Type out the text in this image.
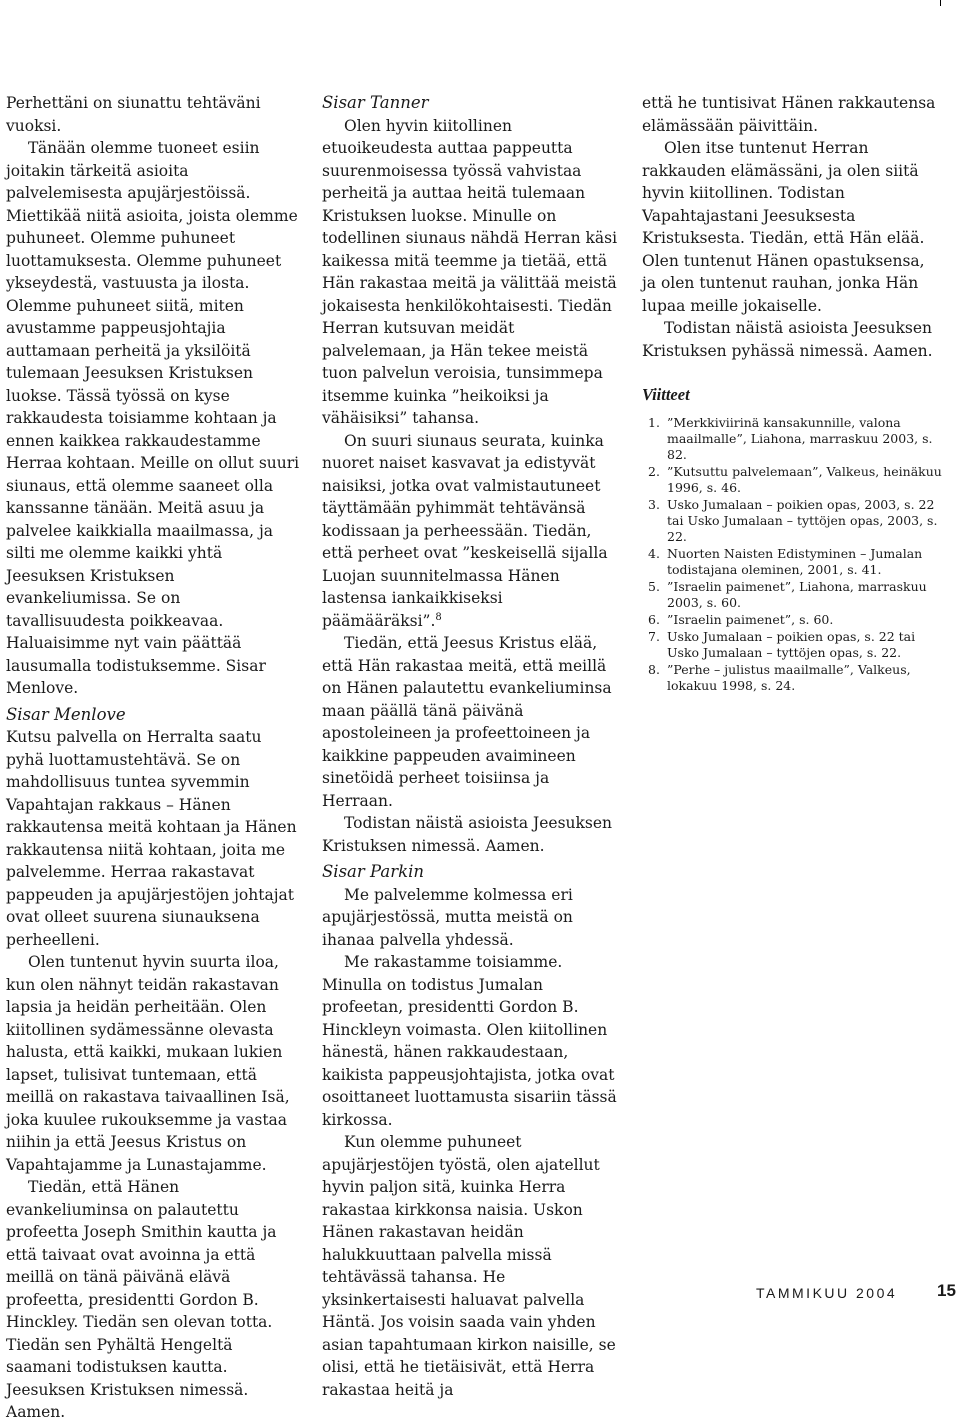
Perhettäni on siunattu tehtäväni vuoksi.

Tänään olemme tuoneet esiin joitakin tärkeitä asioita palvelemisesta apujärjestöissä. Miettikää niitä asioita, joista olemme puhuneet. Olemme puhuneet luottamuksesta. Olemme puhuneet ykseydestä, vastuusta ja ilosta. Olemme puhuneet siitä, miten avustamme pappeusjohtajia auttamaan perheitä ja yksilöitä tulemaan Jeesuksen Kristuksen luokse. Tässä työssä on kyse rakkaudesta toisiamme kohtaan ja ennen kaikkea rakkaudestamme Herraa kohtaan. Meille on ollut suuri siunaus, että olemme saaneet olla kanssanne tänään. Meitä asuu ja palvelee kaikkialla maailmassa, ja silti me olemme kaikki yhtä Jeesuksen Kristuksen evankeliumissa. Se on tavallisuudesta poikkeavaa. Haluaisimme nyt vain päättää lausumalla todistuksemme. Sisar Menlove.

Sisar Menlove

Kutsu palvella on Herralta saatu pyhä luottamustehtävä. Se on mahdollisuus tuntea syvemmin Vapahtajan rakkaus – Hänen rakkautensa meitä kohtaan ja Hänen rakkautensa niitä kohtaan, joita me palvelemme. Herraa rakastavat pappeuden ja apujärjestöjen johtajat ovat olleet suurena siunauksena perheelleni.

Olen tuntenut hyvin suurta iloa, kun olen nähnyt teidän rakastavan lapsia ja heidän perheitään. Olen kiitollinen sydämessänne olevasta halusta, että kaikki, mukaan lukien lapset, tulisivat tuntemaan, että meillä on rakastava taivaallinen Isä, joka kuulee rukouksemme ja vastaa niihin ja että Jeesus Kristus on Vapahtajamme ja Lunastajamme.

Tiedän, että Hänen evankeliuminsa on palautettu profeetta Joseph Smithin kautta ja että taivaat ovat avoinna ja että meillä on tänä päivänä elävä profeetta, presidentti Gordon B. Hinckley. Tiedän sen olevan totta. Tiedän sen Pyhältä Hengeltä saamani todistuksen kautta. Jeesuksen Kristuksen nimessä. Aamen.

Sisar Tanner

Olen hyvin kiitollinen etuoikeudesta auttaa pappeutta suurenmoisessa työssä vahvistaa perheitä ja auttaa heitä tulemaan Kristuksen luokse. Minulle on todellinen siunaus nähdä Herran käsi kaikessa mitä teemme ja tietää, että Hän rakastaa meitä ja välittää meistä jokaisesta henkilökohtaisesti. Tiedän Herran kutsuvan meidät palvelemaan, ja Hän tekee meistä tuon palvelun veroisia, tunsimmepa itsemme kuinka ”heikoiksi ja vähäisiksi” tahansa.

On suuri siunaus seurata, kuinka nuoret naiset kasvavat ja edistyvät naisiksi, jotka ovat valmistautuneet täyttämään pyhimmät tehtävänsä kodissaan ja perheessään. Tiedän, että perheet ovat ”keskeisellä sijalla Luojan suunnitelmassa Hänen lastensa iankaikkiseksi päämääräksi”.$^8$

Tiedän, että Jeesus Kristus elää, että Hän rakastaa meitä, että meillä on Hänen palautettu evankeliuminsa maan päällä tänä päivänä apostoleineen ja profeettoineen ja kaikkine pappeuden avaimineen sinetöidä perheet toisiinsa ja Herraan.

Todistan näistä asioista Jeesuksen Kristuksen nimessä. Aamen.

Sisar Parkin

Me palvelemme kolmessa eri apujärjestössä, mutta meistä on ihanaa palvella yhdessä.

Me rakastamme toisiamme. Minulla on todistus Jumalan profeetan, presidentti Gordon B. Hinckleyn voimasta. Olen kiitollinen hänestä, hänen rakkaudestaan, kaikista pappeusjohtajista, jotka ovat osoittaneet luottamusta sisariin tässä kirkossa.

Kun olemme puhuneet apujärjestöjen työstä, olen ajatellut hyvin paljon sitä, kuinka Herra rakastaa kirkkonsa naisia. Uskon Hänen rakastavan heidän halukkuuttaan palvella missä tehtävässä tahansa. He yksinkertaisesti haluavat palvella Häntä. Jos voisin saada vain yhden asian tapahtumaan kirkon naisille, se olisi, että he tietäisivät, että Herra rakastaa heitä ja

että he tuntisivat Hänen rakkautensa elämässään päivittäin.

Olen itse tuntenut Herran rakkauden elämässäni, ja olen siitä hyvin kiitollinen. Todistan Vapahtajastani Jeesuksesta Kristuksesta. Tiedän, että Hän elää. Olen tuntenut Hänen opastuksensa, ja olen tuntenut rauhan, jonka Hän lupaa meille jokaiselle.

Todistan näistä asioista Jeesuksen Kristuksen pyhässä nimessä. Aamen.

Viitteet

1. ”Merkkiviirinä kansakunnille, valona maailmalle”, Liahona, marraskuu 2003, s. 82.
2. ”Kutsuttu palvelemaan”, Valkeus, heinäkuu 1996, s. 46.
3. Usko Jumalaan – poikien opas, 2003, s. 22 tai Usko Jumalaan – tyttöjen opas, 2003, s. 22.
4. Nuorten Naisten Edistyminen – Jumalan todistajana oleminen, 2001, s. 41.
5. ”Israelin paimenet”, Liahona, marraskuu 2003, s. 60.
6. ”Israelin paimenet”, s. 60.
7. Usko Jumalaan – poikien opas, s. 22 tai Usko Jumalaan – tyttöjen opas, s. 22.
8. ”Perhe – julistus maailmalle”, Valkeus, lokakuu 1998, s. 24.
TAMMIKUU 2004 15
